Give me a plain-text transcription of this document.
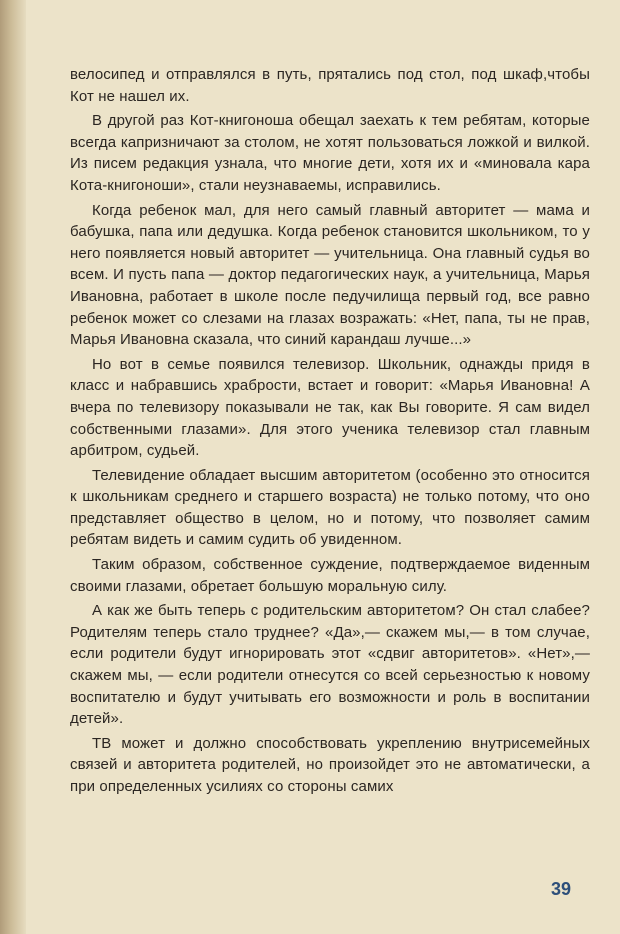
велосипед и отправлялся в путь, прятались под стол, под шкаф,чтобы Кот не нашел их.

В другой раз Кот-книгоноша обещал заехать к тем ребятам, которые всегда капризничают за столом, не хотят пользоваться ложкой и вилкой. Из писем редакция узнала, что многие дети, хотя их и «миновала кара Кота-книгоноши», стали неузнаваемы, исправились.

Когда ребенок мал, для него самый главный авторитет — мама и бабушка, папа или дедушка. Когда ребенок становится школьником, то у него появляется новый авторитет — учительница. Она главный судья во всем. И пусть папа — доктор педагогических наук, а учительница, Марья Ивановна, работает в школе после педучилища первый год, все равно ребенок может со слезами на глазах возражать: «Нет, папа, ты не прав, Марья Ивановна сказала, что синий карандаш лучше...»

Но вот в семье появился телевизор. Школьник, однажды придя в класс и набравшись храбрости, встает и говорит: «Марья Ивановна! А вчера по телевизору показывали не так, как Вы говорите. Я сам видел собственными глазами». Для этого ученика телевизор стал главным арбитром, судьей.

Телевидение обладает высшим авторитетом (особенно это относится к школьникам среднего и старшего возраста) не только потому, что оно представляет общество в целом, но и потому, что позволяет самим ребятам видеть и самим судить об увиденном.

Таким образом, собственное суждение, подтверждаемое виденным своими глазами, обретает большую моральную силу.

А как же быть теперь с родительским авторитетом? Он стал слабее? Родителям теперь стало труднее? «Да»,— скажем мы,— в том случае, если родители будут игнорировать этот «сдвиг авторитетов». «Нет»,— скажем мы, — если родители отнесутся со всей серьезностью к новому воспитателю и будут учитывать его возможности и роль в воспитании детей».

ТВ может и должно способствовать укреплению внутрисемейных связей и авторитета родителей, но произойдет это не автоматически, а при определенных усилиях со стороны самих

39
